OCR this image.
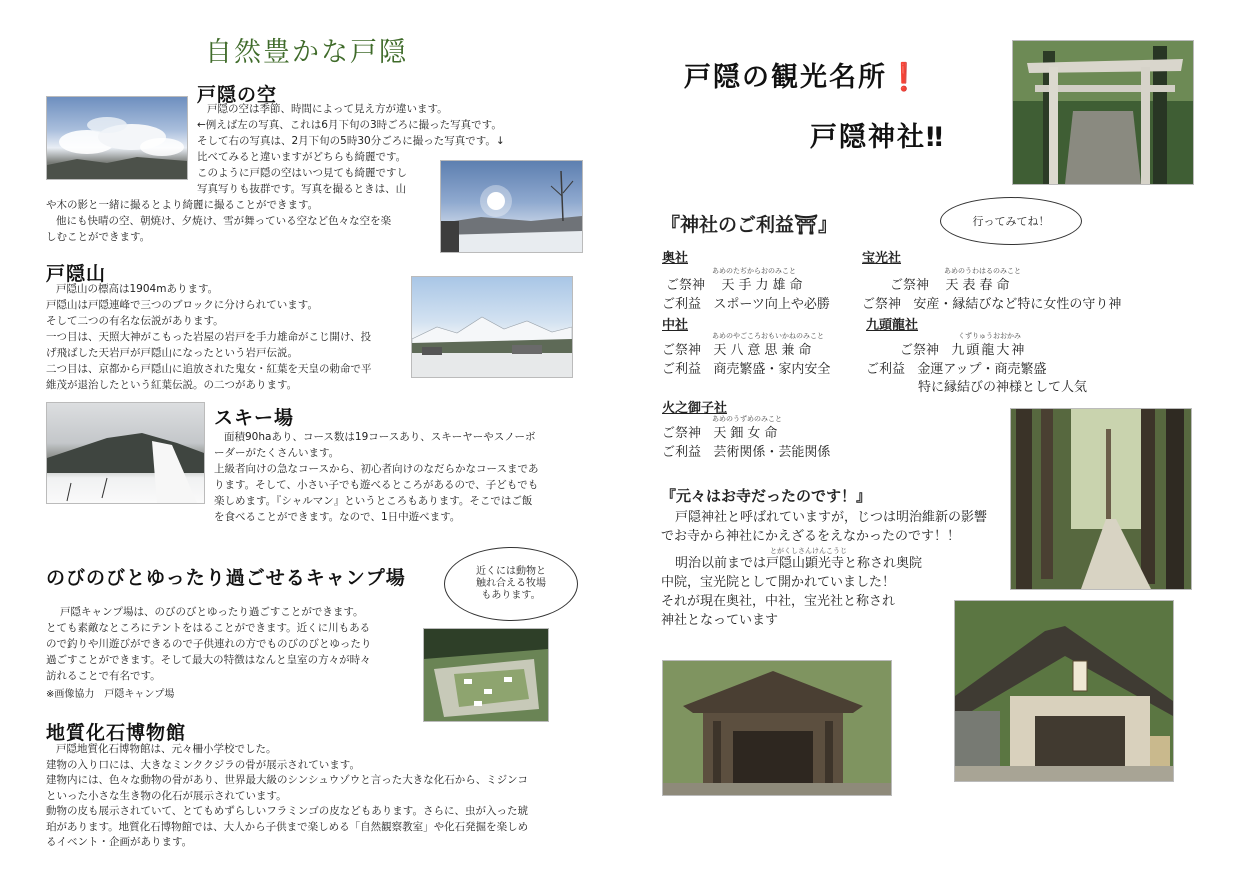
自然豊かな戸隠
戸隠の空
戸隠の空は季節、時間によって見え方が違います。
←例えば左の写真、これは6月下旬の3時ごろに撮った写真です。
そして右の写真は、2月下旬の5時30分ごろに撮った写真です。↓
比べてみると違いますがどちらも綺麗です。
このように戸隠の空はいつ見ても綺麗ですし
写真写りも抜群です。写真を撮るときは、山
や木の影と一緒に撮るとより綺麗に撮ることができます。
他にも快晴の空、朝焼け、夕焼け、雪が舞っている空など色々な空を楽
しむことができます。
戸隠山
戸隠山の標高は1904mあります。
戸隠山は戸隠連峰で三つのブロックに分けられています。
そして二つの有名な伝説があります。
一つ目は、天照大神がこもった岩屋の岩戸を手力雄命がこじ開け、投
げ飛ばした天岩戸が戸隠山になったという岩戸伝説。
二つ目は、京都から戸隠山に追放された鬼女・紅葉を天皇の勅命で平
維茂が退治したという紅葉伝説。の二つがあります。
スキー場
面積90haあり、コース数は19コースあり、スキーヤーやスノーボ
ーダーがたくさんいます。
上級者向けの急なコースから、初心者向けのなだらかなコースまであ
ります。そして、小さい子でも遊べるところがあるので、子どもでも
楽しめます。『シャルマン』というところもあります。そこではご飯
を食べることができます。なので、1日中遊べます。
のびのびとゆったり過ごせるキャンプ場	近くには動物と
触れ合える牧場
もあります。
戸隠キャンプ場は、のびのびとゆったり過ごすことができます。
とても素敵なところにテントをはることができます。近くに川もある
ので釣りや川遊びができるので子供連れの方でものびのびとゆったり
過ごすことができます。そして最大の特徴はなんと皇室の方々が時々
訪れることで有名です。
※画像協力　戸隠キャンプ場
地質化石博物館
戸隠地質化石博物館は、元々柵小学校でした。
建物の入り口には、大きなミンククジラの骨が展示されています。
建物内には、色々な動物の骨があり、世界最大級のシンシュウゾウと言った大きな化石から、ミジンコ
といった小さな生き物の化石が展示されています。
動物の皮も展示されていて、とてもめずらしいフラミンゴの皮などもあります。さらに、虫が入った琥
珀があります。地質化石博物館では、大人から子供まで楽しめる「自然観察教室」や化石発掘を楽しめ
るイベント・企画があります。
戸隠の観光名所❗
戸隠神社‼
『神社のご利益⛩』	行ってみてね！
奥社
あめのたぢからおのみこと
ご祭神 天手力雄命
ご利益 スポーツ向上や必勝
中社
あめのやごころおもいかねのみこと
ご祭神 天八意思兼命
ご利益 商売繁盛・家内安全
火之御子社
あめのうずめのみこと
ご祭神 天鈿女命
ご利益 芸術関係・芸能関係
宝光社
あめのうわはるのみこと
ご祭神 天表春命
ご祭神 安産・縁結びなど特に女性の守り神
九頭龍社
くずりゅうおおかみ
ご祭神 九頭龍大神
ご利益 金運アップ・商売繁盛
特に縁結びの神様として人気
『元々はお寺だったのです！』
とがくしさんけんこうじ
戸隠神社と呼ばれていますが，じつは明治維新の影響
でお寺から神社にかえざるをえなかったのです！！
明治以前までは戸隠山顕光寺と称され奥院
中院，宝光院として開かれていました！
それが現在奥社，中社，宝光社と称され
神社となっています
